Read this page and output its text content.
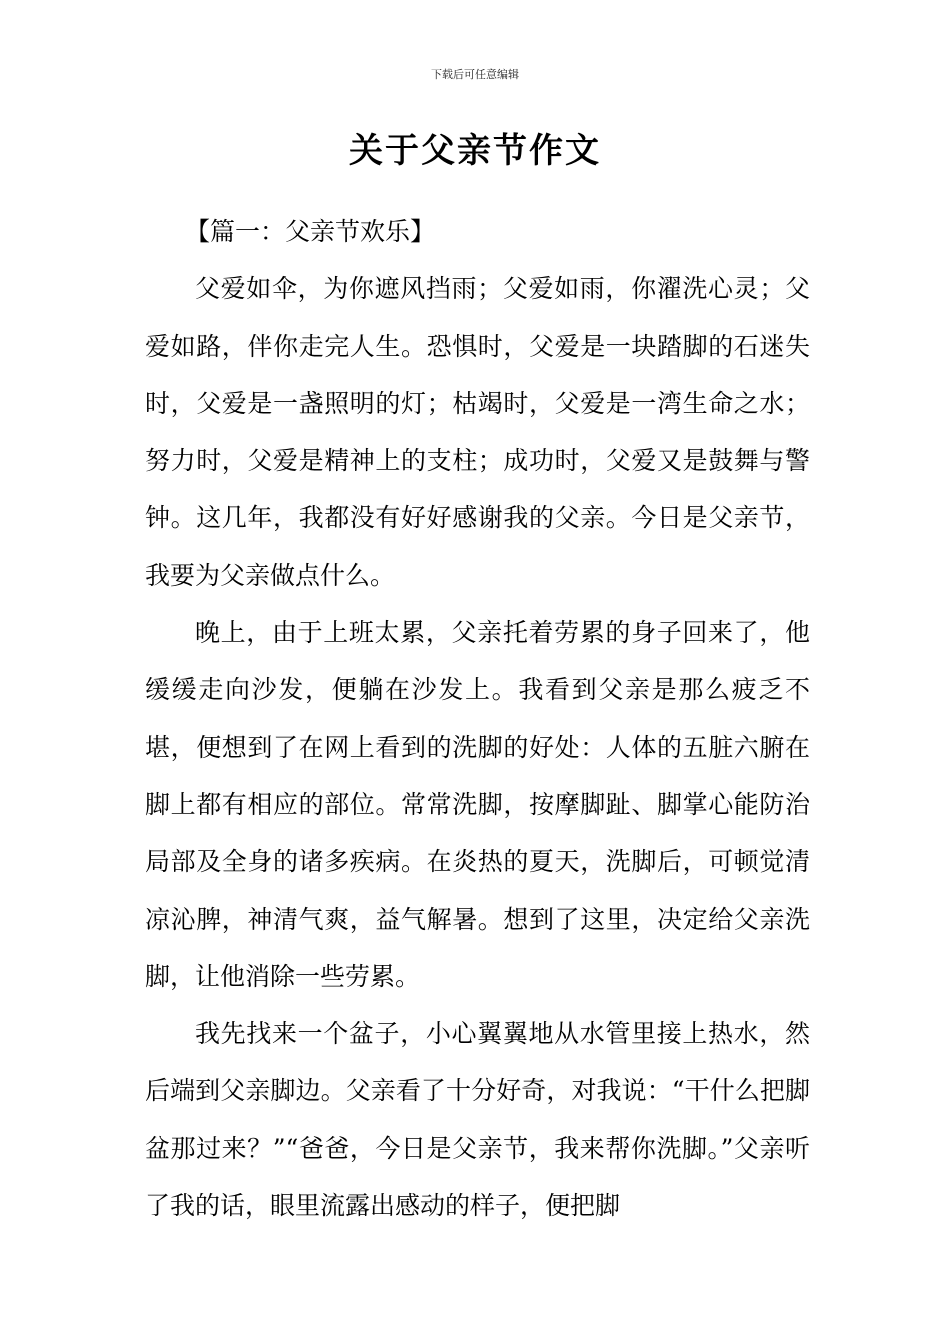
下载后可任意编辑
关于父亲节作文

【篇一：父亲节欢乐】

父爱如伞，为你遮风挡雨；父爱如雨，你濯洗心灵；父爱如路，伴你走完人生。恐惧时，父爱是一块踏脚的石迷失时，父爱是一盏照明的灯；枯竭时，父爱是一湾生命之水；努力时，父爱是精神上的支柱；成功时，父爱又是鼓舞与警钟。这几年，我都没有好好感谢我的父亲。今日是父亲节，我要为父亲做点什么。

晚上，由于上班太累，父亲托着劳累的身子回来了，他缓缓走向沙发，便躺在沙发上。我看到父亲是那么疲乏不堪，便想到了在网上看到的洗脚的好处：人体的五脏六腑在脚上都有相应的部位。常常洗脚，按摩脚趾、脚掌心能防治局部及全身的诸多疾病。在炎热的夏天，洗脚后，可顿觉清凉沁脾，神清气爽，益气解暑。想到了这里，决定给父亲洗脚，让他消除一些劳累。

我先找来一个盆子，小心翼翼地从水管里接上热水，然后端到父亲脚边。父亲看了十分好奇，对我说：“干什么把脚盆那过来？”“爸爸，今日是父亲节，我来帮你洗脚。”父亲听了我的话，眼里流露出感动的样子，便把脚
